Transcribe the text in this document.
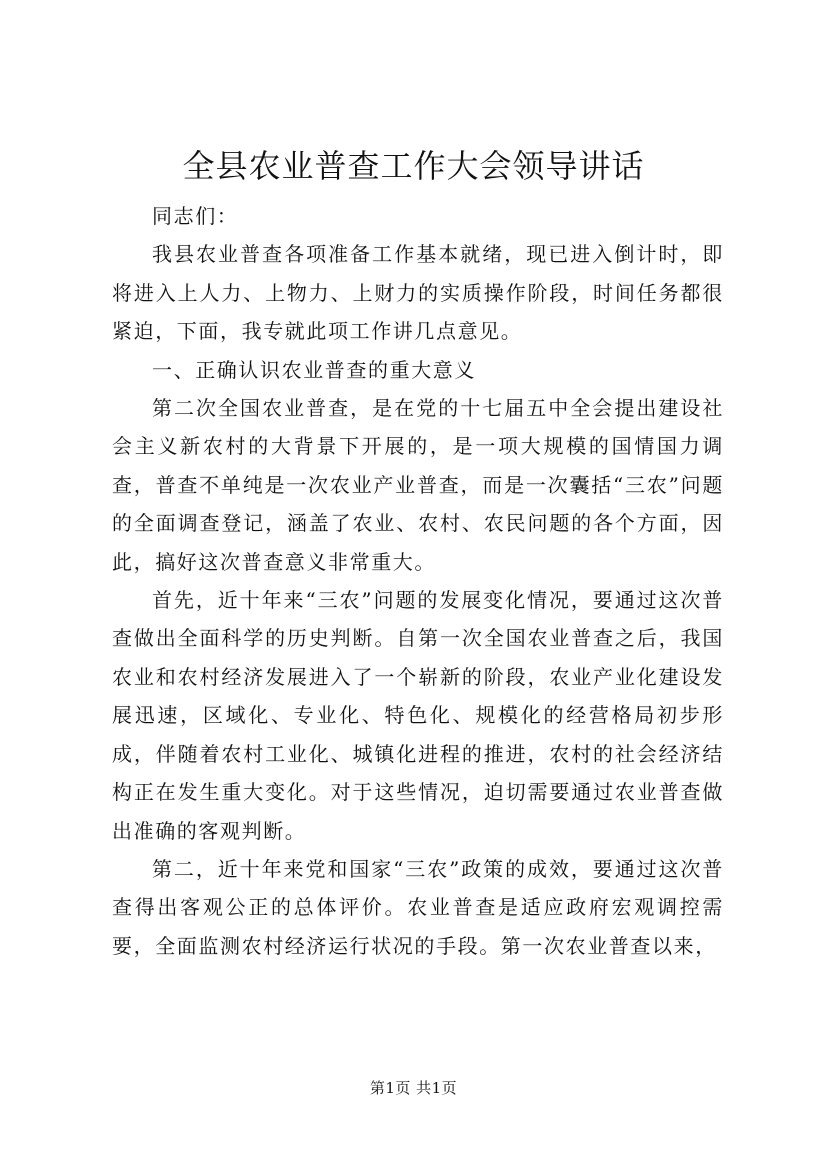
全县农业普查工作大会领导讲话

同志们：

我县农业普查各项准备工作基本就绪，现已进入倒计时，即将进入上人力、上物力、上财力的实质操作阶段，时间任务都很紧迫，下面，我专就此项工作讲几点意见。

一、正确认识农业普查的重大意义

第二次全国农业普查，是在党的十七届五中全会提出建设社会主义新农村的大背景下开展的，是一项大规模的国情国力调查，普查不单纯是一次农业产业普查，而是一次囊括“三农”问题的全面调查登记，涵盖了农业、农村、农民问题的各个方面，因此，搞好这次普查意义非常重大。

首先，近十年来“三农”问题的发展变化情况，要通过这次普查做出全面科学的历史判断。自第一次全国农业普查之后，我国农业和农村经济发展进入了一个崭新的阶段，农业产业化建设发展迅速，区域化、专业化、特色化、规模化的经营格局初步形成，伴随着农村工业化、城镇化进程的推进，农村的社会经济结构正在发生重大变化。对于这些情况，迫切需要通过农业普查做出准确的客观判断。

第二，近十年来党和国家“三农”政策的成效，要通过这次普查得出客观公正的总体评价。农业普查是适应政府宏观调控需要，全面监测农村经济运行状况的手段。第一次农业普查以来，

第1页 共1页
